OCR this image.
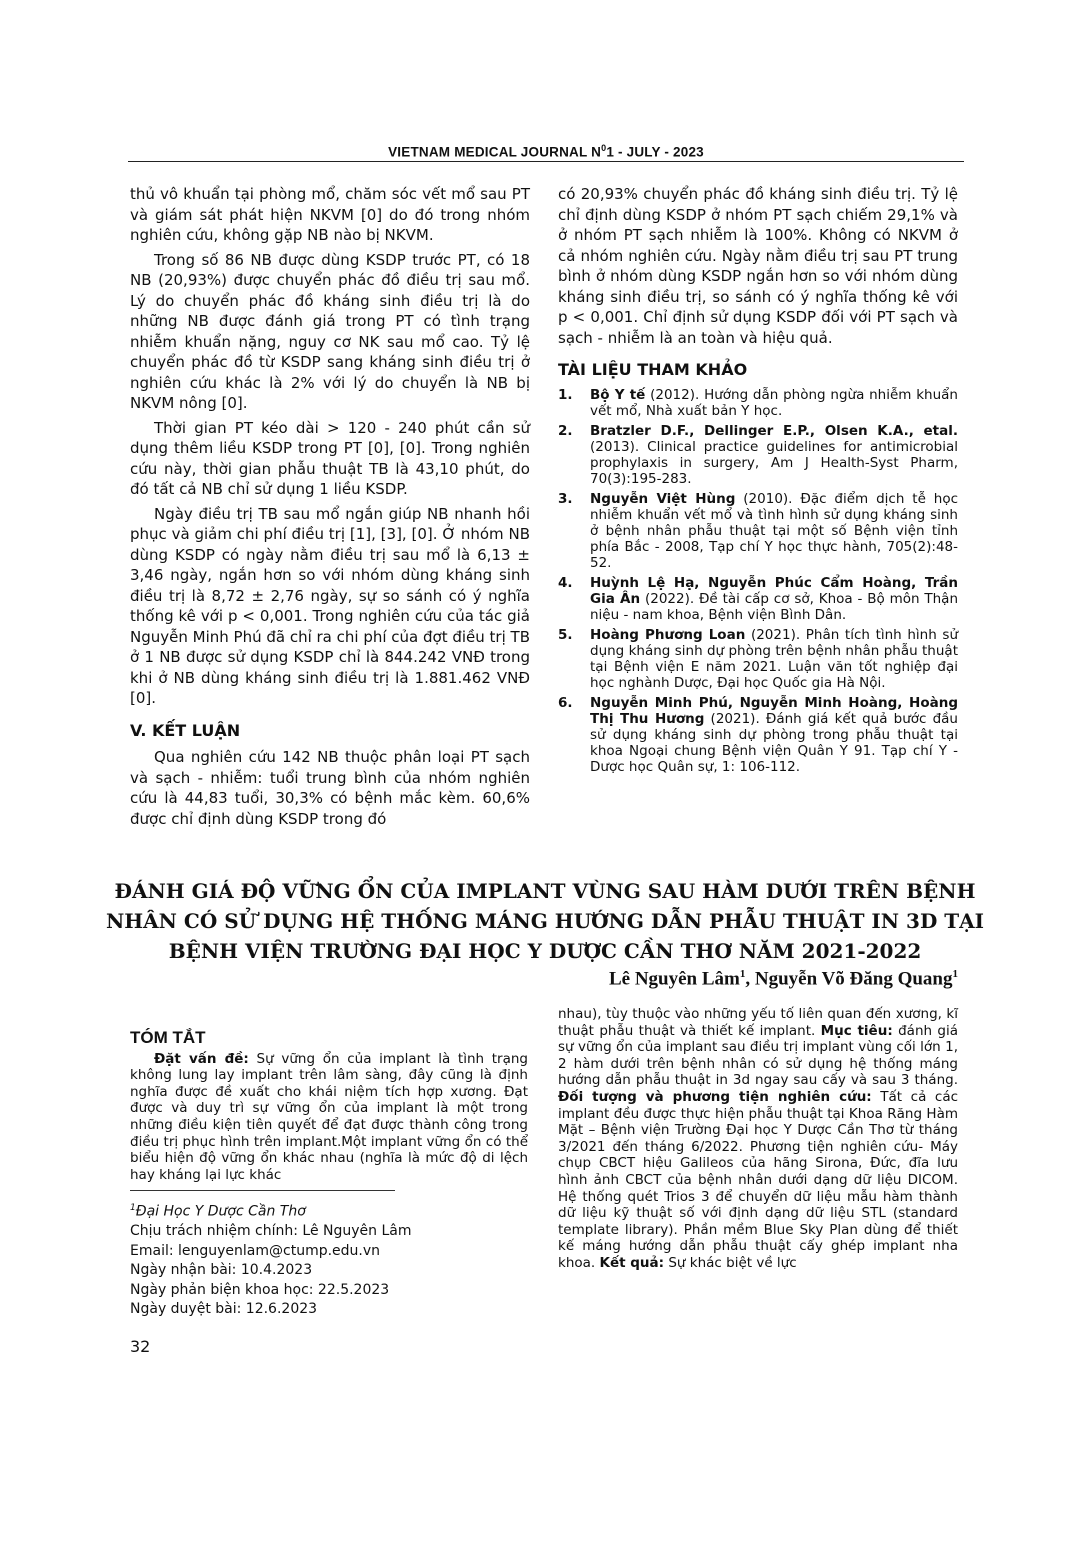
VIETNAM MEDICAL JOURNAL $N^01$ - JULY - 2023

thủ vô khuẩn tại phòng mổ, chăm sóc vết mổ sau PT và giám sát phát hiện NKVM [0] do đó trong nhóm nghiên cứu, không gặp NB nào bị NKVM.

Trong số 86 NB được dùng KSDP trước PT, có 18 NB (20,93%) được chuyển phác đồ điều trị sau mổ. Lý do chuyển phác đồ kháng sinh điều trị là do những NB được đánh giá trong PT có tình trạng nhiễm khuẩn nặng, nguy cơ NK sau mổ cao. Tỷ lệ chuyển phác đồ từ KSDP sang kháng sinh điều trị ở nghiên cứu khác là 2% với lý do chuyển là NB bị NKVM nông [0].

Thời gian PT kéo dài > 120 - 240 phút cần sử dụng thêm liều KSDP trong PT [0], [0]. Trong nghiên cứu này, thời gian phẫu thuật TB là 43,10 phút, do đó tất cả NB chỉ sử dụng 1 liều KSDP.

Ngày điều trị TB sau mổ ngắn giúp NB nhanh hồi phục và giảm chi phí điều trị [1], [3], [0]. Ở nhóm NB dùng KSDP có ngày nằm điều trị sau mổ là 6,13 ± 3,46 ngày, ngắn hơn so với nhóm dùng kháng sinh điều trị là 8,72 ± 2,76 ngày, sự so sánh có ý nghĩa thống kê với p < 0,001. Trong nghiên cứu của tác giả Nguyễn Minh Phú đã chỉ ra chi phí của đợt điều trị TB ở 1 NB được sử dụng KSDP chỉ là 844.242 VNĐ trong khi ở NB dùng kháng sinh điều trị là 1.881.462 VNĐ [0].

V. KẾT LUẬN

Qua nghiên cứu 142 NB thuộc phân loại PT sạch và sạch - nhiễm: tuổi trung bình của nhóm nghiên cứu là 44,83 tuổi, 30,3% có bệnh mắc kèm. 60,6% được chỉ định dùng KSDP trong đó

có 20,93% chuyển phác đồ kháng sinh điều trị. Tỷ lệ chỉ định dùng KSDP ở nhóm PT sạch chiếm 29,1% và ở nhóm PT sạch nhiễm là 100%. Không có NKVM ở cả nhóm nghiên cứu. Ngày nằm điều trị sau PT trung bình ở nhóm dùng KSDP ngắn hơn so với nhóm dùng kháng sinh điều trị, so sánh có ý nghĩa thống kê với p < 0,001. Chỉ định sử dụng KSDP đối với PT sạch và sạch - nhiễm là an toàn và hiệu quả.

TÀI LIỆU THAM KHẢO
1. Bộ Y tế (2012). Hướng dẫn phòng ngừa nhiễm khuẩn vết mổ, Nhà xuất bản Y học.
2. Bratzler D.F., Dellinger E.P., Olsen K.A., etal. (2013). Clinical practice guidelines for antimicrobial prophylaxis in surgery, Am J Health-Syst Pharm, 70(3):195-283.
3. Nguyễn Việt Hùng (2010). Đặc điểm dịch tễ học nhiễm khuẩn vết mổ và tình hình sử dụng kháng sinh ở bệnh nhân phẫu thuật tại một số Bệnh viện tỉnh phía Bắc - 2008, Tạp chí Y học thực hành, 705(2):48-52.
4. Huỳnh Lệ Hạ, Nguyễn Phúc Cẩm Hoàng, Trần Gia Ân (2022). Đề tài cấp cơ sở, Khoa - Bộ môn Thận niệu - nam khoa, Bệnh viện Bình Dân.
5. Hoàng Phương Loan (2021). Phân tích tình hình sử dụng kháng sinh dự phòng trên bệnh nhân phẫu thuật tại Bệnh viện E năm 2021. Luận văn tốt nghiệp đại học nghành Dược, Đại học Quốc gia Hà Nội.
6. Nguyễn Minh Phú, Nguyễn Minh Hoàng, Hoàng Thị Thu Hương (2021). Đánh giá kết quả bước đầu sử dụng kháng sinh dự phòng trong phẫu thuật tại khoa Ngoại chung Bệnh viện Quân Y 91. Tạp chí Y - Dược học Quân sự, 1: 106-112.
ĐÁNH GIÁ ĐỘ VỮNG ỔN CỦA IMPLANT VÙNG SAU HÀM DƯỚI TRÊN BỆNH NHÂN CÓ SỬ DỤNG HỆ THỐNG MÁNG HƯỚNG DẪN PHẪU THUẬT IN 3D TẠI BỆNH VIỆN TRƯỜNG ĐẠI HỌC Y DƯỢC CẦN THƠ NĂM 2021-2022
Lê Nguyên Lâm$^1$, Nguyễn Võ Đăng Quang$^1$
TÓM TẮT

Đặt vấn đề: Sự vững ổn của implant là tình trạng không lung lay implant trên lâm sàng, đây cũng là định nghĩa được đề xuất cho khái niệm tích hợp xương. Đạt được và duy trì sự vững ổn của implant là một trong những điều kiện tiên quyết để đạt được thành công trong điều trị phục hình trên implant.Một implant vững ổn có thể biểu hiện độ vững ổn khác nhau (nghĩa là mức độ di lệch hay kháng lại lực khác

nhau), tùy thuộc vào những yếu tố liên quan đến xương, kĩ thuật phẫu thuật và thiết kế implant. Mục tiêu: đánh giá sự vững ổn của implant sau điều trị implant vùng cối lớn 1, 2 hàm dưới trên bệnh nhân có sử dụng hệ thống máng hướng dẫn phẫu thuật in 3d ngay sau cấy và sau 3 tháng. Đối tượng và phương tiện nghiên cứu: Tất cả các implant đều được thực hiện phẫu thuật tại Khoa Răng Hàm Mặt – Bệnh viện Trường Đại học Y Dược Cần Thơ từ tháng 3/2021 đến tháng 6/2022. Phương tiện nghiên cứu- Máy chụp CBCT hiệu Galileos của hãng Sirona, Đức, đĩa lưu hình ảnh CBCT của bệnh nhân dưới dạng dữ liệu DICOM. Hệ thống quét Trios 3 để chuyển dữ liệu mẫu hàm thành dữ liệu kỹ thuật số với định dạng dữ liệu STL (standard template library). Phần mềm Blue Sky Plan dùng để thiết kế máng hướng dẫn phẫu thuật cấy ghép implant nha khoa. Kết quả: Sự khác biệt về lực

$^1$Đại Học Y Dược Cần Thơ
Chịu trách nhiệm chính: Lê Nguyên Lâm
Email: lenguyenlam@ctump.edu.vn
Ngày nhận bài: 10.4.2023
Ngày phản biện khoa học: 22.5.2023
Ngày duyệt bài: 12.6.2023
32
